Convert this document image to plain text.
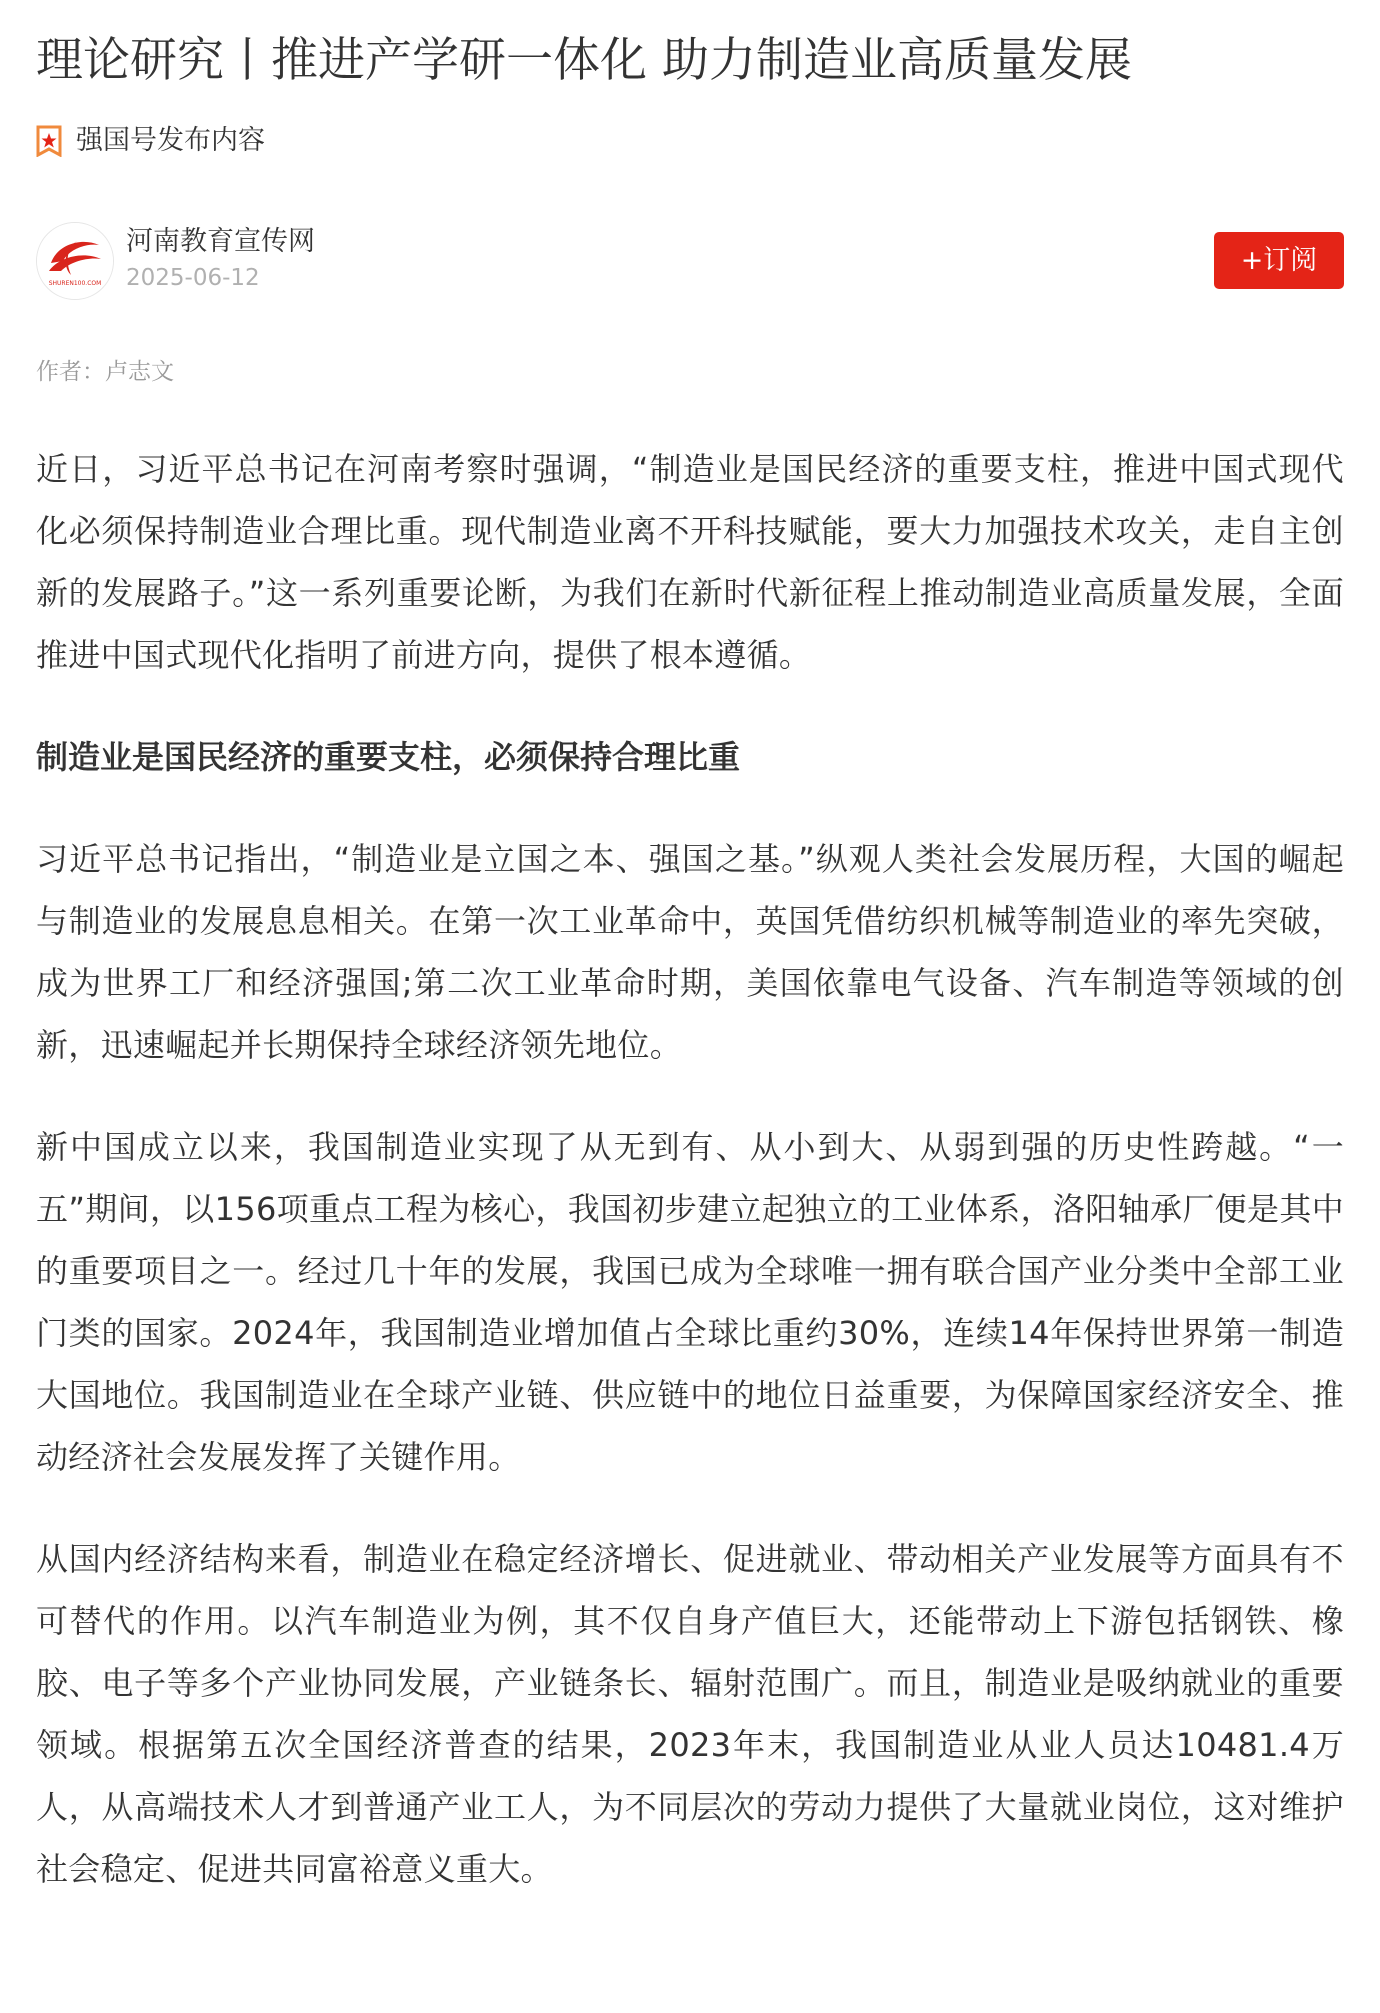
理论研究丨推进产学研一体化 助力制造业高质量发展
强国号发布内容
SHUREN100.COM
河南教育宣传网
2025-06-12
+订阅
作者：卢志文

近日，习近平总书记在河南考察时强调，“制造业是国民经济的重要支柱，推进中国式现代化必须保持制造业合理比重。现代制造业离不开科技赋能，要大力加强技术攻关，走自主创新的发展路子。”这一系列重要论断，为我们在新时代新征程上推动制造业高质量发展，全面推进中国式现代化指明了前进方向，提供了根本遵循。

制造业是国民经济的重要支柱，必须保持合理比重

习近平总书记指出，“制造业是立国之本、强国之基。”纵观人类社会发展历程，大国的崛起与制造业的发展息息相关。在第一次工业革命中，英国凭借纺织机械等制造业的率先突破，成为世界工厂和经济强国;第二次工业革命时期，美国依靠电气设备、汽车制造等领域的创新，迅速崛起并长期保持全球经济领先地位。

新中国成立以来，我国制造业实现了从无到有、从小到大、从弱到强的历史性跨越。“一五”期间，以156项重点工程为核心，我国初步建立起独立的工业体系，洛阳轴承厂便是其中的重要项目之一。经过几十年的发展，我国已成为全球唯一拥有联合国产业分类中全部工业门类的国家。2024年，我国制造业增加值占全球比重约30%，连续14年保持世界第一制造大国地位。我国制造业在全球产业链、供应链中的地位日益重要，为保障国家经济安全、推动经济社会发展发挥了关键作用。

从国内经济结构来看，制造业在稳定经济增长、促进就业、带动相关产业发展等方面具有不可替代的作用。以汽车制造业为例，其不仅自身产值巨大，还能带动上下游包括钢铁、橡胶、电子等多个产业协同发展，产业链条长、辐射范围广。而且，制造业是吸纳就业的重要领域。根据第五次全国经济普查的结果，2023年末，我国制造业从业人员达10481.4万人，从高端技术人才到普通产业工人，为不同层次的劳动力提供了大量就业岗位，这对维护社会稳定、促进共同富裕意义重大。
